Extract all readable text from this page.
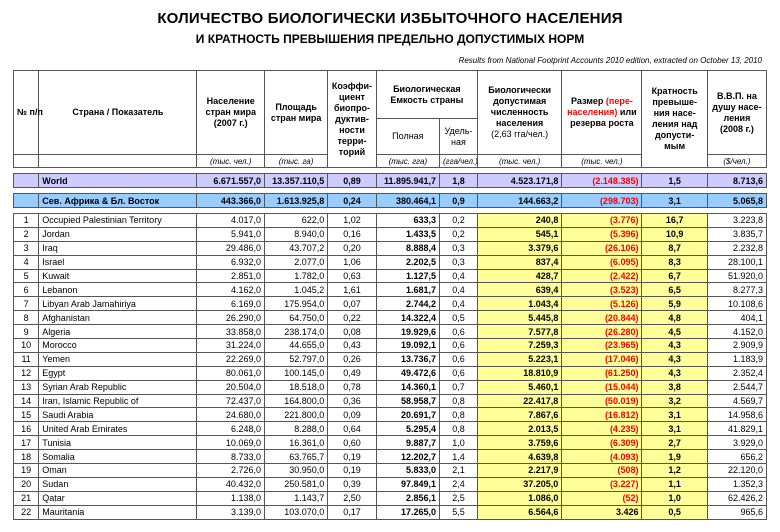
КОЛИЧЕСТВО БИОЛОГИЧЕСКИ ИЗБЫТОЧНОГО НАСЕЛЕНИЯ
И КРАТНОСТЬ ПРЕВЫШЕНИЯ ПРЕДЕЛЬНО ДОПУСТИМЫХ НОРМ
Results from National Footprint Accounts 2010 edition, extracted on October 13, 2010
№ п/п	Страна / Показатель	Население стран мира (2007 г.)	Площадь стран мира	Коэффи-циент биопро-дуктив-ности терри-торий	Биологическая Емкость страны		Биологически допустимая численность населения
(2,63 гга/чел.)	Размер (пере-населения) или резерва роста	Кратность превыше-ния насе-ления над допусти-мым	В.В.П. на душу насе-ления (2008 г.)
					Полная	Удель-ная				
		(тыс. чел.)	(тыс. га)		(тыс. гга)	(гга/чел.)	(тыс. чел.)	(тыс. чел.)		($/чел.)

	World	6.671.557,0	13.357.110,5	0,89	11.895.941,7	1,8	4.523.171,8	(2.148.385)	1,5	8.713,6

	Сев. Африка & Бл. Восток	443.366,0	1.613.925,8	0,24	380.464,1	0,9	144.663,2	(298.703)	3,1	5.065,8

1	Occupied Palestinian Territory	4.017,0	622,0	1,02	633,3	0,2	240,8	(3.776)	16,7	3.223,8
2	Jordan	5.941,0	8.940,0	0,16	1.433,5	0,2	545,1	(5.396)	10,9	3.835,7
3	Iraq	29.486,0	43.707,2	0,20	8.888,4	0,3	3.379,6	(26.106)	8,7	2.232,8
4	Israel	6.932,0	2.077,0	1,06	2.202,5	0,3	837,4	(6.095)	8,3	28.100,1
5	Kuwait	2.851,0	1.782,0	0,63	1.127,5	0,4	428,7	(2.422)	6,7	51.920,0
6	Lebanon	4.162,0	1.045,2	1,61	1.681,7	0,4	639,4	(3.523)	6,5	8.277,3
7	Libyan Arab Jamahiriya	6.169,0	175.954,0	0,07	2.744,2	0,4	1.043,4	(5.126)	5,9	10.108,6
8	Afghanistan	26.290,0	64.750,0	0,22	14.322,4	0,5	5.445,8	(20.844)	4,8	404,1
9	Algeria	33.858,0	238.174,0	0,08	19.929,6	0,6	7.577,8	(26.280)	4,5	4.152,0
10	Morocco	31.224,0	44.655,0	0,43	19.092,1	0,6	7.259,3	(23.965)	4,3	2.909,9
11	Yemen	22.269,0	52.797,0	0,26	13.736,7	0,6	5.223,1	(17.046)	4,3	1.183,9
12	Egypt	80.061,0	100.145,0	0,49	49.472,6	0,6	18.810,9	(61.250)	4,3	2.352,4
13	Syrian Arab Republic	20.504,0	18.518,0	0,78	14.360,1	0,7	5.460,1	(15.044)	3,8	2.544,7
14	Iran, Islamic Republic of	72.437,0	164.800,0	0,36	58.958,7	0,8	22.417,8	(50.019)	3,2	4.569,7
15	Saudi Arabia	24.680,0	221.800,0	0,09	20.691,7	0,8	7.867,6	(16.812)	3,1	14.958,6
16	United Arab Emirates	6.248,0	8.288,0	0,64	5.295,4	0,8	2.013,5	(4.235)	3,1	41.829,1
17	Tunisia	10.069,0	16.361,0	0,60	9.887,7	1,0	3.759,6	(6.309)	2,7	3.929,0
18	Somalia	8.733,0	63.765,7	0,19	12.202,7	1,4	4.639,8	(4.093)	1,9	656,2
19	Oman	2.726,0	30.950,0	0,19	5.833,0	2,1	2.217,9	(508)	1,2	22.120,0
20	Sudan	40.432,0	250.581,0	0,39	97.849,1	2,4	37.205,0	(3.227)	1,1	1.352,3
21	Qatar	1.138,0	1.143,7	2,50	2.856,1	2,5	1.086,0	(52)	1,0	62.426,2
22	Mauritania	3.139,0	103.070,0	0,17	17.265,0	5,5	6.564,6	3.426	0,5	965,6
